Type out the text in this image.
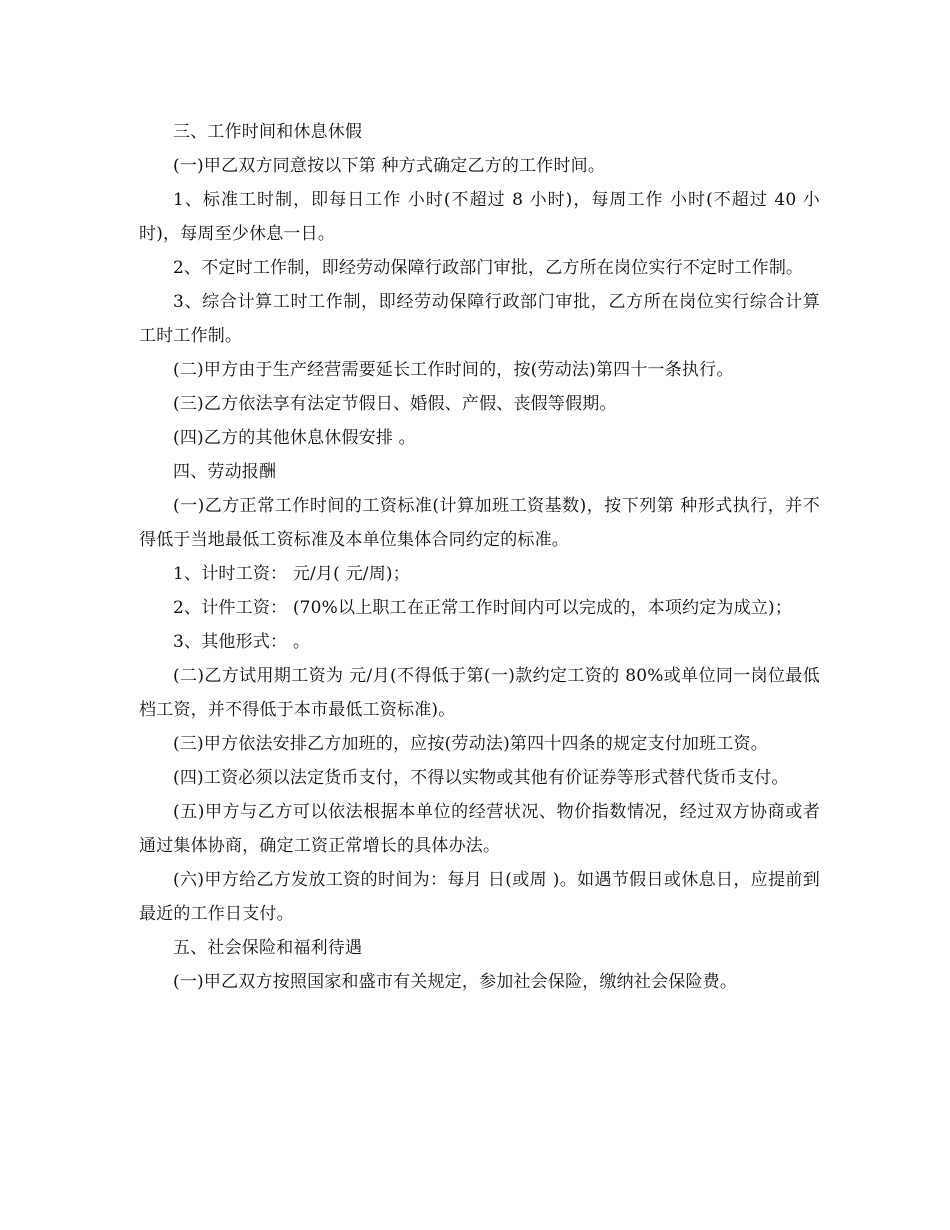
三、工作时间和休息休假

(一)甲乙双方同意按以下第 种方式确定乙方的工作时间。

1、标准工时制，即每日工作 小时(不超过 8 小时)，每周工作 小时(不超过 40 小时)，每周至少休息一日。

2、不定时工作制，即经劳动保障行政部门审批，乙方所在岗位实行不定时工作制。

3、综合计算工时工作制，即经劳动保障行政部门审批，乙方所在岗位实行综合计算工时工作制。

(二)甲方由于生产经营需要延长工作时间的，按(劳动法)第四十一条执行。

(三)乙方依法享有法定节假日、婚假、产假、丧假等假期。

(四)乙方的其他休息休假安排 。

四、劳动报酬

(一)乙方正常工作时间的工资标准(计算加班工资基数)，按下列第 种形式执行，并不得低于当地最低工资标准及本单位集体合同约定的标准。

1、计时工资： 元/月( 元/周)；

2、计件工资： (70%以上职工在正常工作时间内可以完成的，本项约定为成立)；

3、其他形式： 。

(二)乙方试用期工资为 元/月(不得低于第(一)款约定工资的 80%或单位同一岗位最低档工资，并不得低于本市最低工资标准)。

(三)甲方依法安排乙方加班的，应按(劳动法)第四十四条的规定支付加班工资。

(四)工资必须以法定货币支付，不得以实物或其他有价证券等形式替代货币支付。

(五)甲方与乙方可以依法根据本单位的经营状况、物价指数情况，经过双方协商或者通过集体协商，确定工资正常增长的具体办法。

(六)甲方给乙方发放工资的时间为：每月 日(或周 )。如遇节假日或休息日，应提前到最近的工作日支付。

五、社会保险和福利待遇

(一)甲乙双方按照国家和盛市有关规定，参加社会保险，缴纳社会保险费。
